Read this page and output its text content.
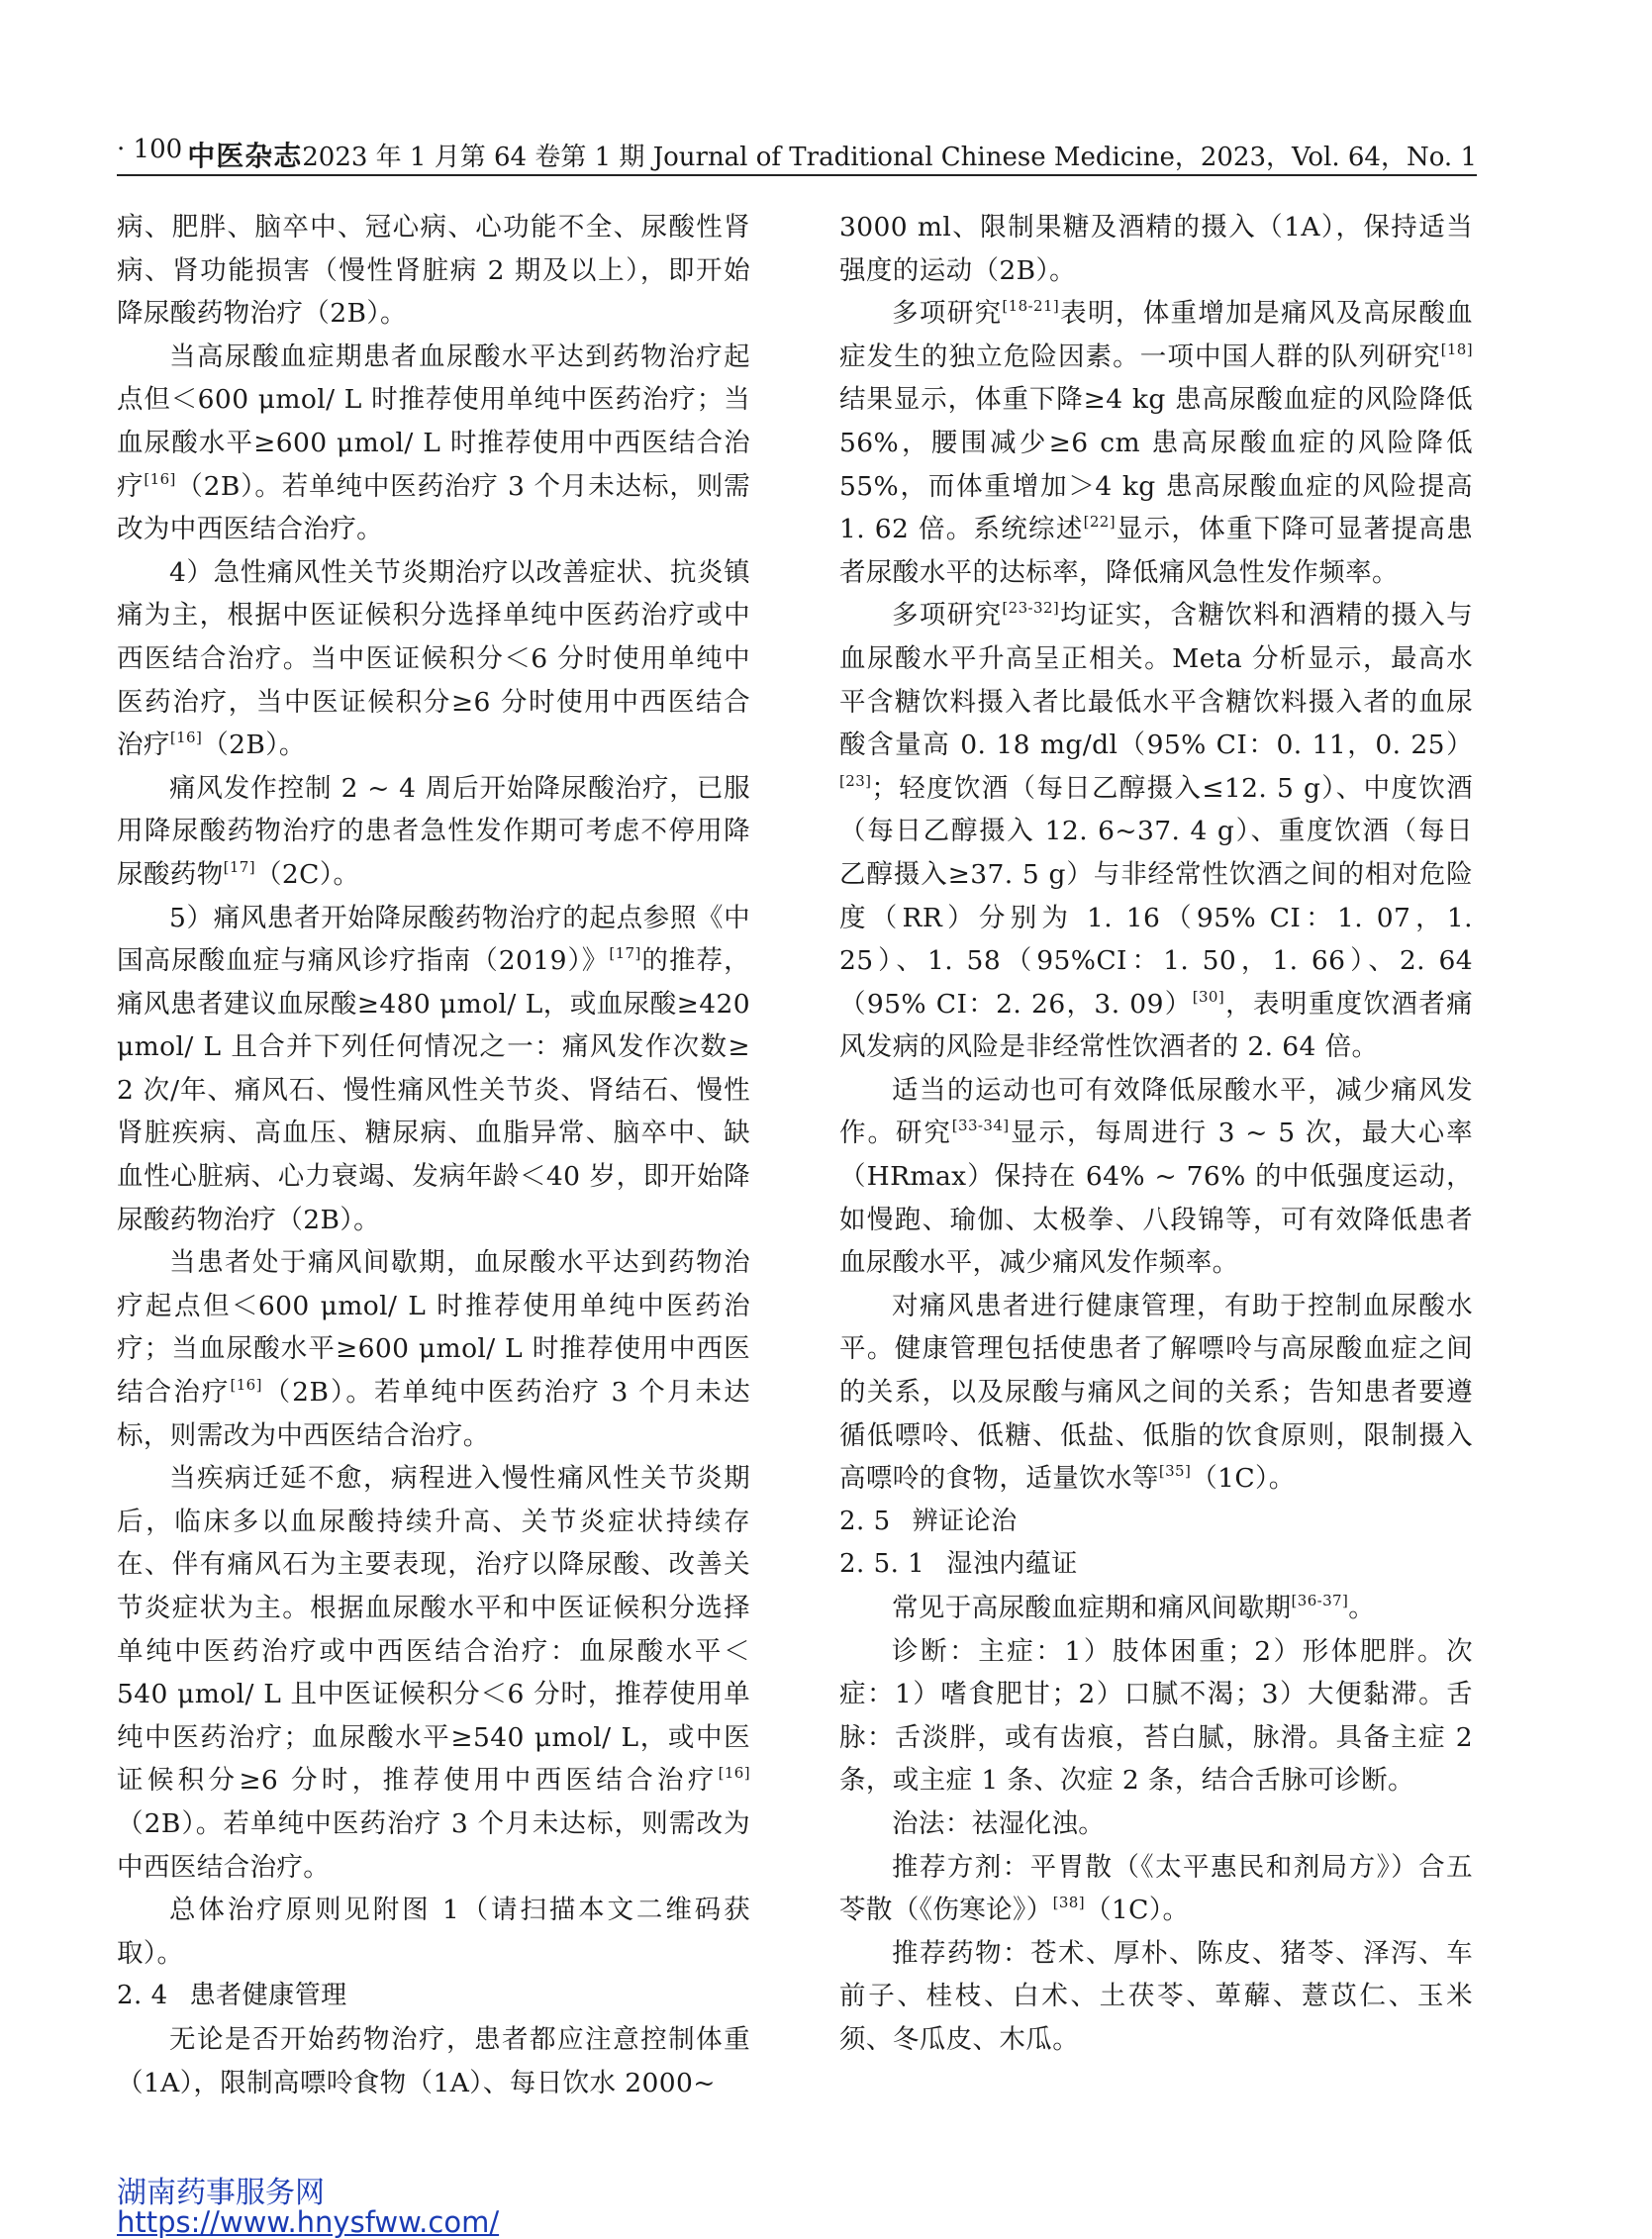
· 100 ·
中医杂志2023 年 1 月第 64 卷第 1 期 Journal of Traditional Chinese Medicine，2023，Vol. 64，No. 1

病、肥胖、脑卒中、冠心病、心功能不全、尿酸性肾病、肾功能损害（慢性肾脏病 2 期及以上），即开始降尿酸药物治疗（2B）。

当高尿酸血症期患者血尿酸水平达到药物治疗起点但＜600 μmol/ L 时推荐使用单纯中医药治疗；当血尿酸水平≥600 μmol/ L 时推荐使用中西医结合治疗[16]（2B）。若单纯中医药治疗 3 个月未达标，则需改为中西医结合治疗。

4）急性痛风性关节炎期治疗以改善症状、抗炎镇痛为主，根据中医证候积分选择单纯中医药治疗或中西医结合治疗。当中医证候积分＜6 分时使用单纯中医药治疗，当中医证候积分≥6 分时使用中西医结合治疗[16]（2B）。

痛风发作控制 2 ~ 4 周后开始降尿酸治疗，已服用降尿酸药物治疗的患者急性发作期可考虑不停用降尿酸药物[17]（2C）。

5）痛风患者开始降尿酸药物治疗的起点参照《中国高尿酸血症与痛风诊疗指南（2019）》[17]的推荐，痛风患者建议血尿酸≥480 μmol/ L，或血尿酸≥420 μmol/ L 且合并下列任何情况之一：痛风发作次数≥ 2 次/年、痛风石、慢性痛风性关节炎、肾结石、慢性肾脏疾病、高血压、糖尿病、血脂异常、脑卒中、缺血性心脏病、心力衰竭、发病年龄＜40 岁，即开始降尿酸药物治疗（2B）。

当患者处于痛风间歇期，血尿酸水平达到药物治疗起点但＜600 μmol/ L 时推荐使用单纯中医药治疗；当血尿酸水平≥600 μmol/ L 时推荐使用中西医结合治疗[16]（2B）。若单纯中医药治疗 3 个月未达标，则需改为中西医结合治疗。

当疾病迁延不愈，病程进入慢性痛风性关节炎期后，临床多以血尿酸持续升高、关节炎症状持续存在、伴有痛风石为主要表现，治疗以降尿酸、改善关节炎症状为主。根据血尿酸水平和中医证候积分选择单纯中医药治疗或中西医结合治疗：血尿酸水平＜540 μmol/ L 且中医证候积分＜6 分时，推荐使用单纯中医药治疗；血尿酸水平≥540 μmol/ L，或中医证候积分≥6 分时，推荐使用中西医结合治疗[16]（2B）。若单纯中医药治疗 3 个月未达标，则需改为中西医结合治疗。

总体治疗原则见附图 1（请扫描本文二维码获取）。

2. 4 患者健康管理

无论是否开始药物治疗，患者都应注意控制体重（1A），限制高嘌呤食物（1A）、每日饮水 2000~

3000 ml、限制果糖及酒精的摄入（1A），保持适当强度的运动（2B）。

多项研究[18-21]表明，体重增加是痛风及高尿酸血症发生的独立危险因素。一项中国人群的队列研究[18]结果显示，体重下降≥4 kg 患高尿酸血症的风险降低 56%，腰围减少≥6 cm 患高尿酸血症的风险降低 55%，而体重增加＞4 kg 患高尿酸血症的风险提高 1. 62 倍。系统综述[22]显示，体重下降可显著提高患者尿酸水平的达标率，降低痛风急性发作频率。

多项研究[23-32]均证实，含糖饮料和酒精的摄入与血尿酸水平升高呈正相关。Meta 分析显示，最高水平含糖饮料摄入者比最低水平含糖饮料摄入者的血尿酸含量高 0. 18 mg/dl（95% CI：0. 11，0. 25）[23]；轻度饮酒（每日乙醇摄入≤12. 5 g）、中度饮酒（每日乙醇摄入 12. 6~37. 4 g）、重度饮酒（每日乙醇摄入≥37. 5 g）与非经常性饮酒之间的相对危险度（RR）分别为 1. 16（95% CI：1. 07，1. 25）、1. 58（95%CI：1. 50，1. 66）、2. 64（95% CI：2. 26，3. 09）[30]，表明重度饮酒者痛风发病的风险是非经常性饮酒者的 2. 64 倍。

适当的运动也可有效降低尿酸水平，减少痛风发作。研究[33-34]显示，每周进行 3 ~ 5 次，最大心率（HRmax）保持在 64% ~ 76% 的中低强度运动，如慢跑、瑜伽、太极拳、八段锦等，可有效降低患者血尿酸水平，减少痛风发作频率。

对痛风患者进行健康管理，有助于控制血尿酸水平。健康管理包括使患者了解嘌呤与高尿酸血症之间的关系，以及尿酸与痛风之间的关系；告知患者要遵循低嘌呤、低糖、低盐、低脂的饮食原则，限制摄入高嘌呤的食物，适量饮水等[35]（1C）。

2. 5 辨证论治

2. 5. 1 湿浊内蕴证

常见于高尿酸血症期和痛风间歇期[36-37]。

诊断：主症：1）肢体困重；2）形体肥胖。次症：1）嗜食肥甘；2）口腻不渴；3）大便黏滞。舌脉：舌淡胖，或有齿痕，苔白腻，脉滑。具备主症 2 条，或主症 1 条、次症 2 条，结合舌脉可诊断。

治法：祛湿化浊。

推荐方剂：平胃散（《太平惠民和剂局方》）合五苓散（《伤寒论》）[38]（1C）。

推荐药物：苍术、厚朴、陈皮、猪苓、泽泻、车前子、桂枝、白术、土茯苓、萆薢、薏苡仁、玉米须、冬瓜皮、木瓜。

湖南药事服务网
https://www.hnysfww.com/
